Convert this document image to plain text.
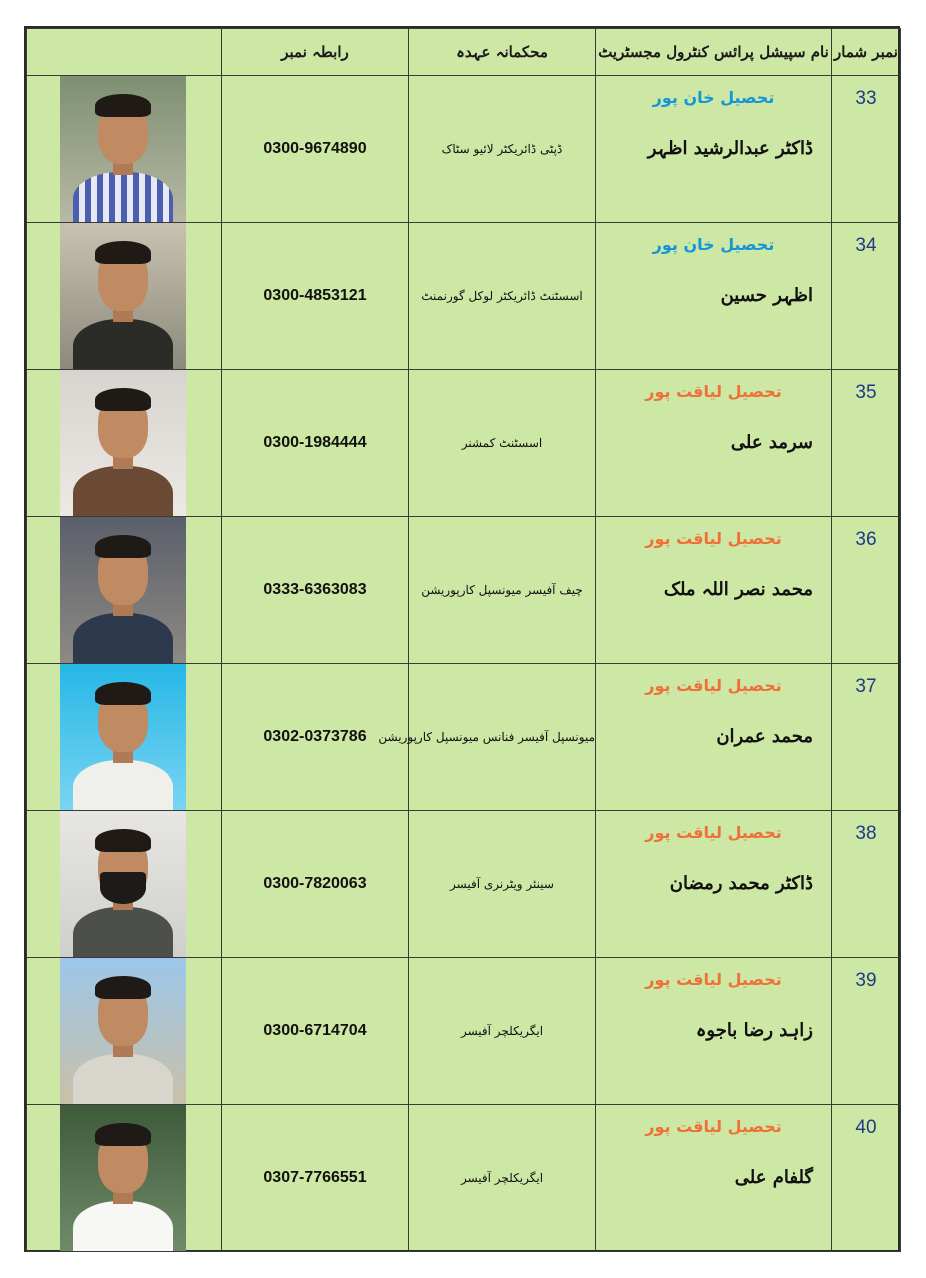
	رابطہ نمبر	محکمانہ عہدہ	نام سپیشل پرائس کنٹرول مجسٹریٹ	نمبر شمار

	0300-9674890	ڈپٹی ڈائریکٹر لائیو سٹاک	تحصیل خان پور
ڈاکٹر عبدالرشید اظہر	33

	0300-4853121	اسسٹنٹ ڈائریکٹر لوکل گورنمنٹ	تحصیل خان پور
اظہر حسین	34

	0300-1984444	اسسٹنٹ کمشنر	تحصیل لیاقت پور
سرمد علی	35

	0333-6363083	چیف آفیسر میونسپل کارپوریشن	تحصیل لیاقت پور
محمد نصر اللہ ملک	36

	0302-0373786	میونسپل آفیسر فنانس میونسپل کارپوریشن	تحصیل لیاقت پور
محمد عمران	37

	0300-7820063	سینئر ویٹرنری آفیسر	تحصیل لیاقت پور
ڈاکٹر محمد رمضان	38

	0300-6714704	ایگریکلچر آفیسر	تحصیل لیاقت پور
زاہد رضا باجوہ	39

	0307-7766551	ایگریکلچر آفیسر	تحصیل لیاقت پور
گلفام علی	40
